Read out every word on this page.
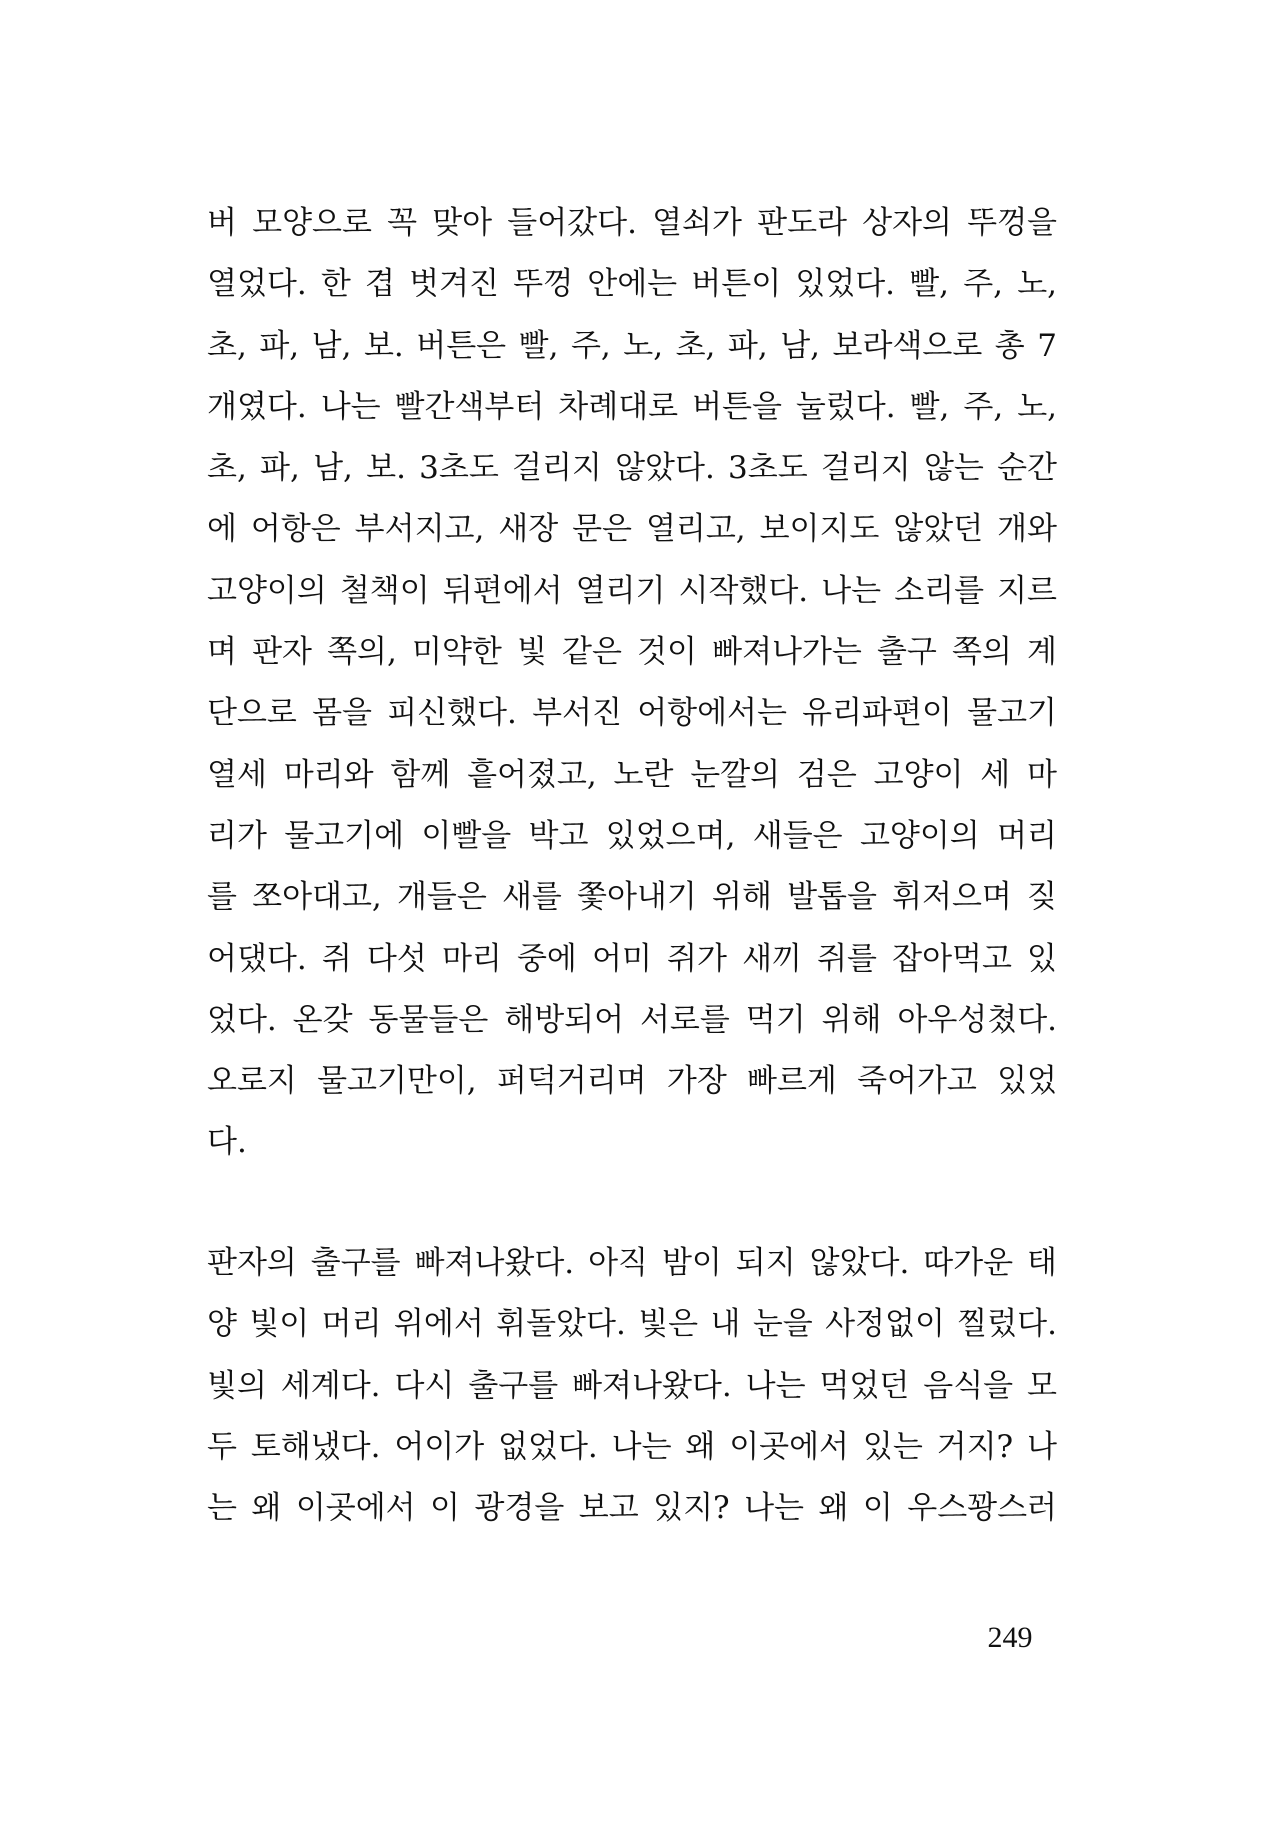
버 모양으로 꼭 맞아 들어갔다. 열쇠가 판도라 상자의 뚜껑을
열었다. 한 겹 벗겨진 뚜껑 안에는 버튼이 있었다. 빨, 주, 노,
초, 파, 남, 보. 버튼은 빨, 주, 노, 초, 파, 남, 보라색으로 총 7
개였다. 나는 빨간색부터 차례대로 버튼을 눌렀다. 빨, 주, 노,
초, 파, 남, 보. 3초도 걸리지 않았다. 3초도 걸리지 않는 순간
에 어항은 부서지고, 새장 문은 열리고, 보이지도 않았던 개와
고양이의 철책이 뒤편에서 열리기 시작했다. 나는 소리를 지르
며 판자 쪽의, 미약한 빛 같은 것이 빠져나가는 출구 쪽의 계
단으로 몸을 피신했다. 부서진 어항에서는 유리파편이 물고기
열세 마리와 함께 흩어졌고, 노란 눈깔의 검은 고양이 세 마
리가 물고기에 이빨을 박고 있었으며, 새들은 고양이의 머리
를 쪼아대고, 개들은 새를 쫓아내기 위해 발톱을 휘저으며 짖
어댔다. 쥐 다섯 마리 중에 어미 쥐가 새끼 쥐를 잡아먹고 있
었다. 온갖 동물들은 해방되어 서로를 먹기 위해 아우성쳤다.
오로지 물고기만이, 퍼덕거리며 가장 빠르게 죽어가고 있었
다.
판자의 출구를 빠져나왔다. 아직 밤이 되지 않았다. 따가운 태
양 빛이 머리 위에서 휘돌았다. 빛은 내 눈을 사정없이 찔렀다.
빛의 세계다. 다시 출구를 빠져나왔다. 나는 먹었던 음식을 모
두 토해냈다. 어이가 없었다. 나는 왜 이곳에서 있는 거지? 나
는 왜 이곳에서 이 광경을 보고 있지? 나는 왜 이 우스꽝스러
249
